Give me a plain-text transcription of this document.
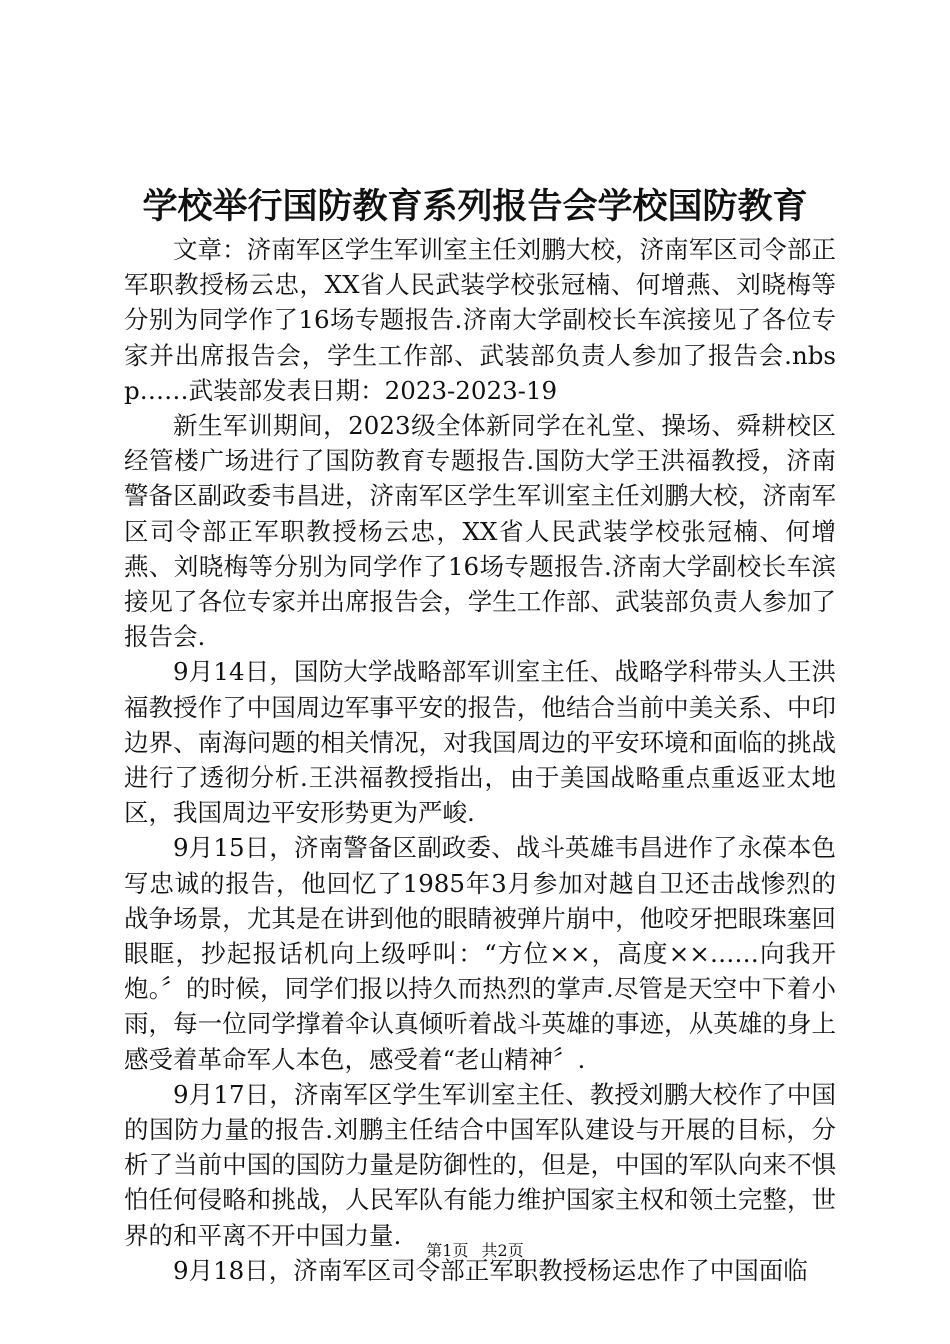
学校举行国防教育系列报告会学校国防教育

文章：济南军区学生军训室主任刘鹏大校，济南军区司令部正军职教授杨云忠，XX省人民武装学校张冠楠、何增燕、刘晓梅等分别为同学作了16场专题报告.济南大学副校长车滨接见了各位专家并出席报告会，学生工作部、武装部负责人参加了报告会.nbsp……武装部发表日期：2023-2023-19

新生军训期间，2023级全体新同学在礼堂、操场、舜耕校区经管楼广场进行了国防教育专题报告.国防大学王洪福教授，济南警备区副政委韦昌进，济南军区学生军训室主任刘鹏大校，济南军区司令部正军职教授杨云忠，XX省人民武装学校张冠楠、何增燕、刘晓梅等分别为同学作了16场专题报告.济南大学副校长车滨接见了各位专家并出席报告会，学生工作部、武装部负责人参加了报告会.

9月14日，国防大学战略部军训室主任、战略学科带头人王洪福教授作了中国周边军事平安的报告，他结合当前中美关系、中印边界、南海问题的相关情况，对我国周边的平安环境和面临的挑战进行了透彻分析.王洪福教授指出，由于美国战略重点重返亚太地区，我国周边平安形势更为严峻.

9月15日，济南警备区副政委、战斗英雄韦昌进作了永葆本色写忠诚的报告，他回忆了1985年3月参加对越自卫还击战惨烈的战争场景，尤其是在讲到他的眼睛被弹片崩中，他咬牙把眼珠塞回眼眶，抄起报话机向上级呼叫：“方位××，高度××……向我开炮。〞的时候，同学们报以持久而热烈的掌声.尽管是天空中下着小雨，每一位同学撑着伞认真倾听着战斗英雄的事迹，从英雄的身上感受着革命军人本色，感受着“老山精神〞.

9月17日，济南军区学生军训室主任、教授刘鹏大校作了中国的国防力量的报告.刘鹏主任结合中国军队建设与开展的目标，分析了当前中国的国防力量是防御性的，但是，中国的军队向来不惧怕任何侵略和挑战，人民军队有能力维护国家主权和领土完整，世界的和平离不开中国力量.

9月18日，济南军区司令部正军职教授杨运忠作了中国面临

第1页 共2页
